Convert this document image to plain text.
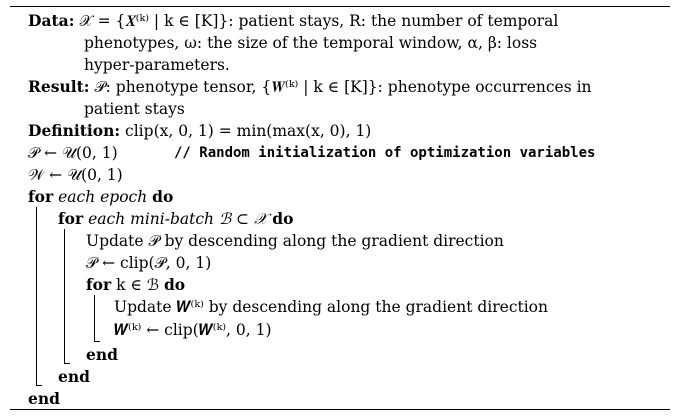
Data: 𝒳 = {𝑿⁽ᵏ⁾ | k ∈ [K]}: patient stays, R: the number of temporal
phenotypes, ω: the size of the temporal window, α, β: loss
hyper-parameters.
Result: 𝒫: phenotype tensor, {𝑾⁽ᵏ⁾ | k ∈ [K]}: phenotype occurrences in
patient stays
Definition: clip(x, 0, 1) = min(max(x, 0), 1)
𝒫 ← 𝒰(0, 1)	// Random initialization of optimization variables
𝒲 ← 𝒰(0, 1)
for each epoch do
for each mini-batch ℬ ⊂ 𝒳 do
Update 𝒫 by descending along the gradient direction
𝒫 ← clip(𝒫, 0, 1)
for k ∈ ℬ do
Update 𝑾⁽ᵏ⁾ by descending along the gradient direction
𝑾⁽ᵏ⁾ ← clip(𝑾⁽ᵏ⁾, 0, 1)
end
end
end
